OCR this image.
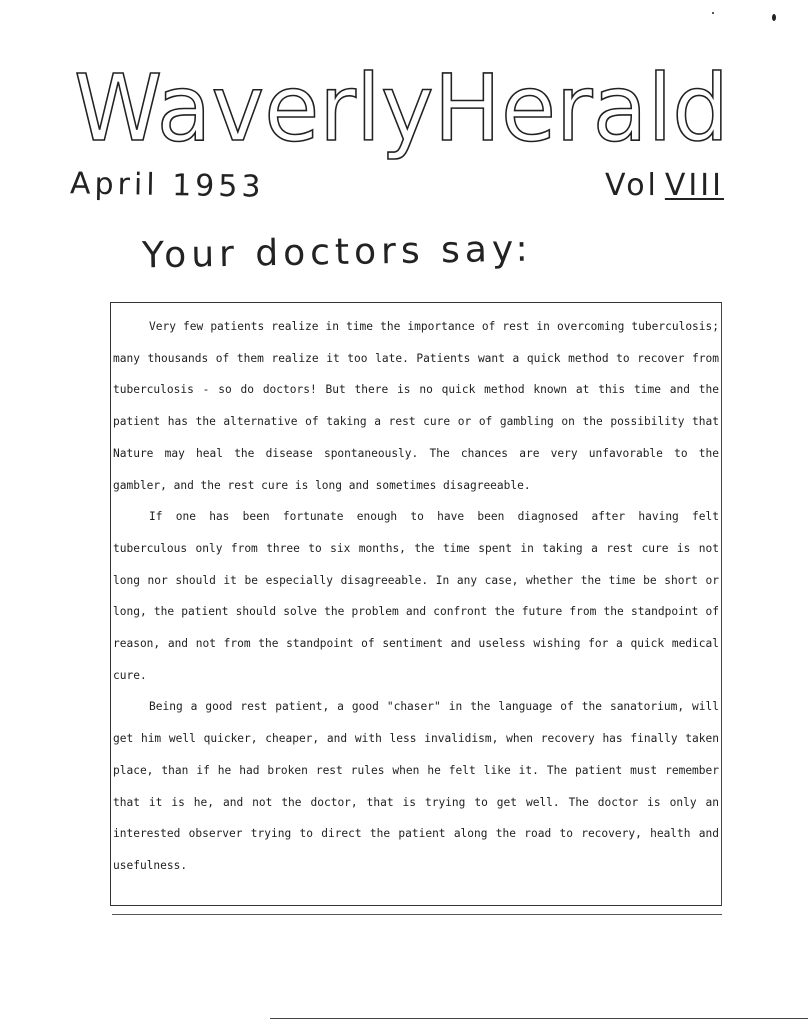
WaverlyHerald
April 1953	Vol VIII
Your doctors say:

Very few patients realize in time the importance of rest in overcoming tuberculosis; many thousands of them realize it too late. Patients want a quick method to recover from tuberculosis - so do doctors! But there is no quick method known at this time and the patient has the alternative of taking a rest cure or of gambling on the possibility that Nature may heal the disease spontaneously. The chances are very unfavorable to the gambler, and the rest cure is long and sometimes disagreeable.

If one has been fortunate enough to have been diagnosed after having felt tuberculous only from three to six months, the time spent in taking a rest cure is not long nor should it be especially disagreeable. In any case, whether the time be short or long, the patient should solve the problem and confront the future from the standpoint of reason, and not from the standpoint of sentiment and useless wishing for a quick medical cure.

Being a good rest patient, a good "chaser" in the language of the sanatorium, will get him well quicker, cheaper, and with less invalidism, when recovery has finally taken place, than if he had broken rest rules when he felt like it. The patient must remember that it is he, and not the doctor, that is trying to get well. The doctor is only an interested observer trying to direct the patient along the road to recovery, health and usefulness.
